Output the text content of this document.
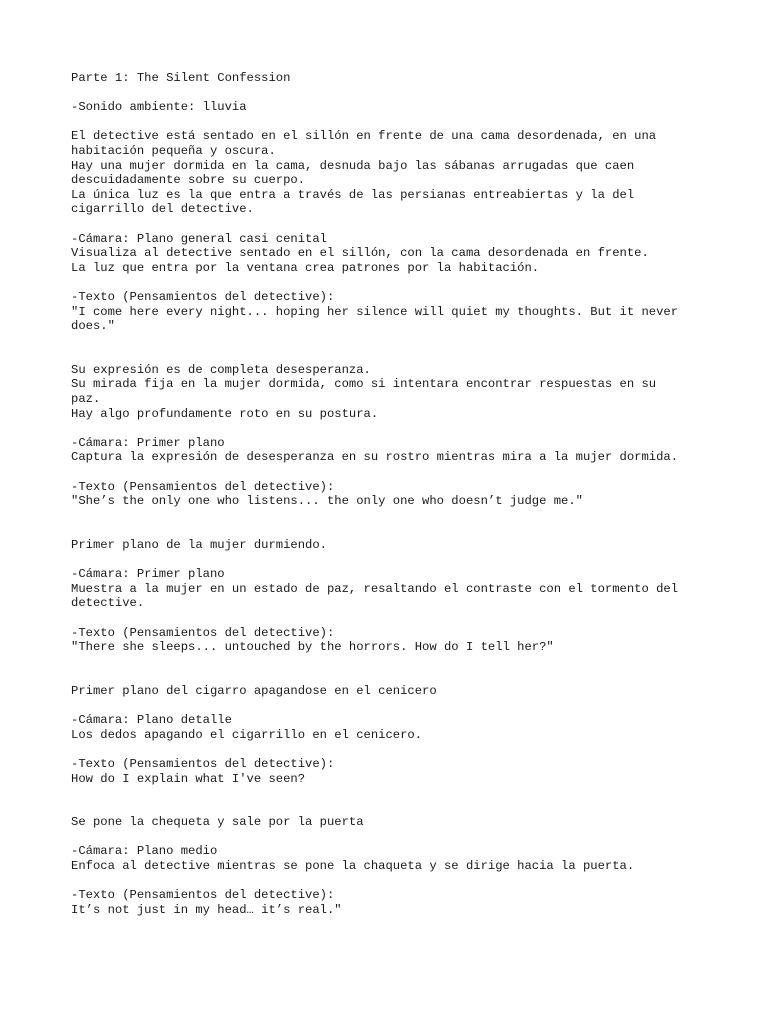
Parte 1: The Silent Confession

-Sonido ambiente: lluvia

El detective está sentado en el sillón en frente de una cama desordenada, en una
habitación pequeña y oscura.
Hay una mujer dormida en la cama, desnuda bajo las sábanas arrugadas que caen
descuidadamente sobre su cuerpo.
La única luz es la que entra a través de las persianas entreabiertas y la del
cigarrillo del detective.

-Cámara: Plano general casi cenital
Visualiza al detective sentado en el sillón, con la cama desordenada en frente.
La luz que entra por la ventana crea patrones por la habitación.

-Texto (Pensamientos del detective):
"I come here every night... hoping her silence will quiet my thoughts. But it never
does."

Su expresión es de completa desesperanza.
Su mirada fija en la mujer dormida, como si intentara encontrar respuestas en su
paz.
Hay algo profundamente roto en su postura.

-Cámara: Primer plano
Captura la expresión de desesperanza en su rostro mientras mira a la mujer dormida.

-Texto (Pensamientos del detective):
"She’s the only one who listens... the only one who doesn’t judge me."

Primer plano de la mujer durmiendo.

-Cámara: Primer plano
Muestra a la mujer en un estado de paz, resaltando el contraste con el tormento del
detective.

-Texto (Pensamientos del detective):
"There she sleeps... untouched by the horrors. How do I tell her?"

Primer plano del cigarro apagandose en el cenicero

-Cámara: Plano detalle
Los dedos apagando el cigarrillo en el cenicero.

-Texto (Pensamientos del detective):
How do I explain what I've seen?

Se pone la chequeta y sale por la puerta

-Cámara: Plano medio
Enfoca al detective mientras se pone la chaqueta y se dirige hacia la puerta.

-Texto (Pensamientos del detective):
It’s not just in my head… it’s real."
